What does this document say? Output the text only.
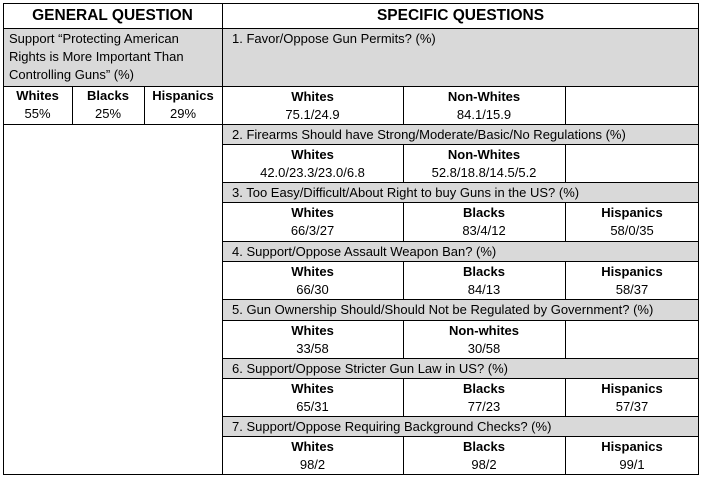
GENERAL QUESTION	SPECIFIC QUESTIONS
Support “Protecting American
Rights is More Important Than
Controlling Guns” (%)
1. Favor/Oppose Gun Permits? (%)
Whites
55%
Blacks
25%
Hispanics
29%
Whites
75.1/24.9
Non-Whites
84.1/15.9
2. Firearms Should have Strong/Moderate/Basic/No Regulations (%)
Whites
42.0/23.3/23.0/6.8
Non-Whites
52.8/18.8/14.5/5.2
3. Too Easy/Difficult/About Right to buy Guns in the US? (%)
Whites
66/3/27
Blacks
83/4/12
Hispanics
58/0/35
4. Support/Oppose Assault Weapon Ban? (%)
Whites
66/30
Blacks
84/13
Hispanics
58/37
5. Gun Ownership Should/Should Not be Regulated by Government? (%)
Whites
33/58
Non-whites
30/58
6. Support/Oppose Stricter Gun Law in US? (%)
Whites
65/31
Blacks
77/23
Hispanics
57/37
7. Support/Oppose Requiring Background Checks? (%)
Whites
98/2
Blacks
98/2
Hispanics
99/1
